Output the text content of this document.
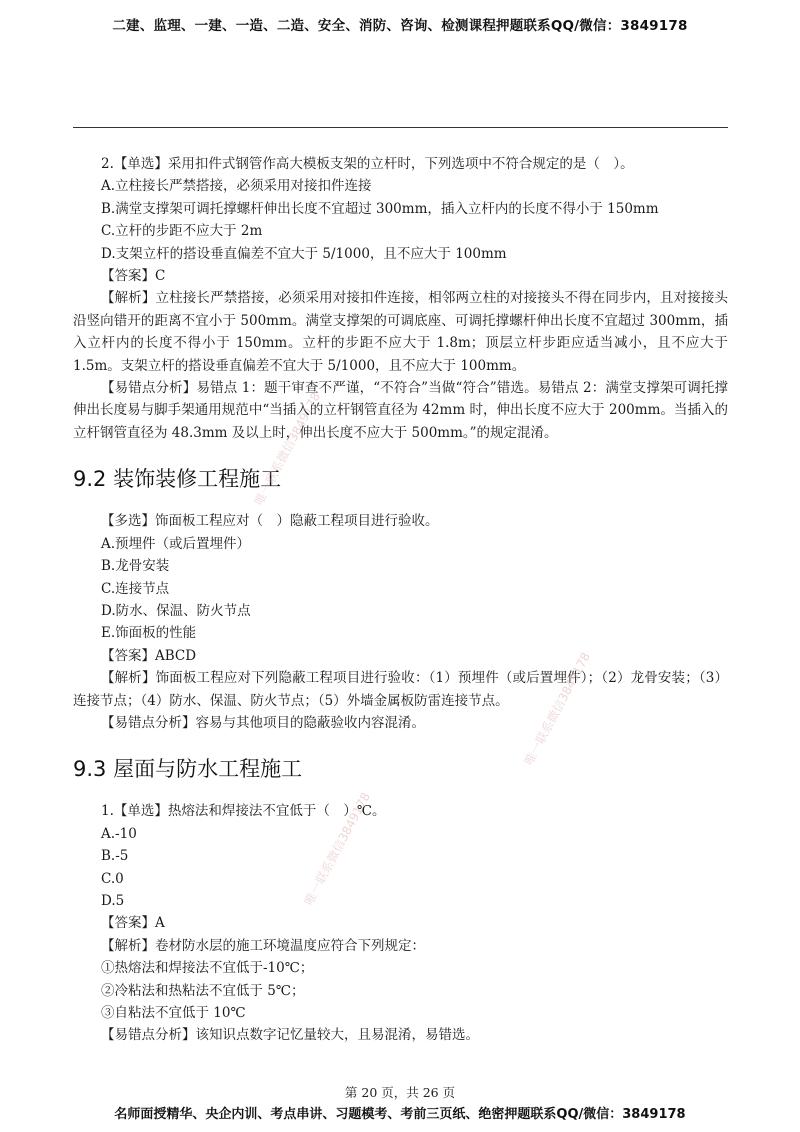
二建、监理、一建、一造、二造、安全、消防、咨询、检测课程押题联系QQ/微信：3849178
2.【单选】采用扣件式钢管作高大模板支架的立杆时，下列选项中不符合规定的是（　）。
A.立柱接长严禁搭接，必须采用对接扣件连接
B.满堂支撑架可调托撑螺杆伸出长度不宜超过 300mm，插入立杆内的长度不得小于 150mm
C.立杆的步距不应大于 2m
D.支架立杆的搭设垂直偏差不宜大于 5/1000，且不应大于 100mm
【答案】C
【解析】立柱接长严禁搭接，必须采用对接扣件连接，相邻两立柱的对接接头不得在同步内，且对接接头沿竖向错开的距离不宜小于 500mm。满堂支撑架的可调底座、可调托撑螺杆伸出长度不宜超过 300mm，插入立杆内的长度不得小于 150mm。立杆的步距不应大于 1.8m；顶层立杆步距应适当减小，且不应大于 1.5m。支架立杆的搭设垂直偏差不宜大于 5/1000，且不应大于 100mm。
【易错点分析】易错点 1：题干审查不严谨，“不符合”当做“符合”错选。易错点 2：满堂支撑架可调托撑伸出长度易与脚手架通用规范中“当插入的立杆钢管直径为 42mm 时，伸出长度不应大于 200mm。当插入的立杆钢管直径为 48.3mm 及以上时，伸出长度不应大于 500mm。”的规定混淆。
9.2 装饰装修工程施工
【多选】饰面板工程应对（　）隐蔽工程项目进行验收。
A.预埋件（或后置埋件）
B.龙骨安装
C.连接节点
D.防水、保温、防火节点
E.饰面板的性能
【答案】ABCD
【解析】饰面板工程应对下列隐蔽工程项目进行验收：（1）预埋件（或后置埋件）；（2）龙骨安装；（3）连接节点；（4）防水、保温、防火节点；（5）外墙金属板防雷连接节点。
【易错点分析】容易与其他项目的隐蔽验收内容混淆。
9.3 屋面与防水工程施工
1.【单选】热熔法和焊接法不宜低于（　）℃。
A.-10
B.-5
C.0
D.5
【答案】A
【解析】卷材防水层的施工环境温度应符合下列规定：
①热熔法和焊接法不宜低于-10℃；
②冷粘法和热粘法不宜低于 5℃；
③自粘法不宜低于 10℃
【易错点分析】该知识点数字记忆量较大，且易混淆，易错选。
唯一联系微信3849178
唯一联系微信3849178
唯一联系微信3849178
第 20 页，共 26 页
名师面授精华、央企内训、考点串讲、习题模考、考前三页纸、绝密押题联系QQ/微信：3849178
